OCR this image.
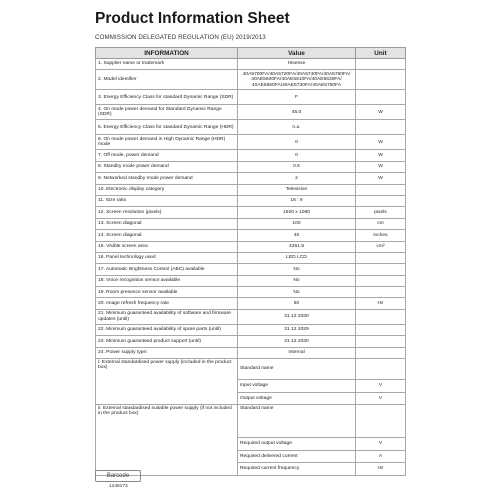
Product Information Sheet
COMMISSION DELEGATED REGULATION (EU) 2019/2013
INFORMATION	Value	Unit
1. Supplier name or trademark	Hisense	
2. Model identifier	40A5700FA/40A5720FA/40A5740FA/40A5760FA/ 40AE5600FA/40AE5610FA/40AE5630FA/ 40AE5650FA/40AE5730FA/40AE5750FA	
3. Energy Efficiency Class for standard Dynamic Range (SDR)	F	
4. On mode power demand for Standard Dynamic Range (SDR)	45.0	W
5. Energy Efficiency Class for standard Dynamic Range (HDR)	n.a.	
6. On mode power demand in High Dynamic Range (HDR) mode	0	W
7. Off mode, power demand	0	W
8. Standby mode power demand	0.5	W
9. Networked standby mode power demand	2	W
10. Electronic display category	Television	
11. Size ratio	16 : 9	
12. Screen resolution (pixels)	1920 x 1080	pixels
13. Screen diagonal	100	cm
14. Screen diagonal	40	inches
15. Visible screen area	4261.9	cm²
16. Panel technology used	LED LCD	
17. Automatic Brightness Control (ABC) available	No	
18. Voice recognition sensor available	No	
19. Room presence sensor available	No	
20. Image refresh frequency rate	60	Hz
21. Minimum guaranteed availability of software and firmware updates (until)	31 12 2030	
22. Minimum guaranteed availability of spare parts (until)	31 12 2029	
23. Minimum guaranteed product support (until)	31 12 2030	
24. Power supply type:	Internal	
i: External standardised power supply (included in the product box)	Standard name	
	Input voltage	V
	Output voltage	V
ii: External standardised suitable power supply (if not included in the product box)	Standard name	
	Required output voltage	V
	Required delivered current	A
	Required current frequency	Hz
Barcode
1248173
